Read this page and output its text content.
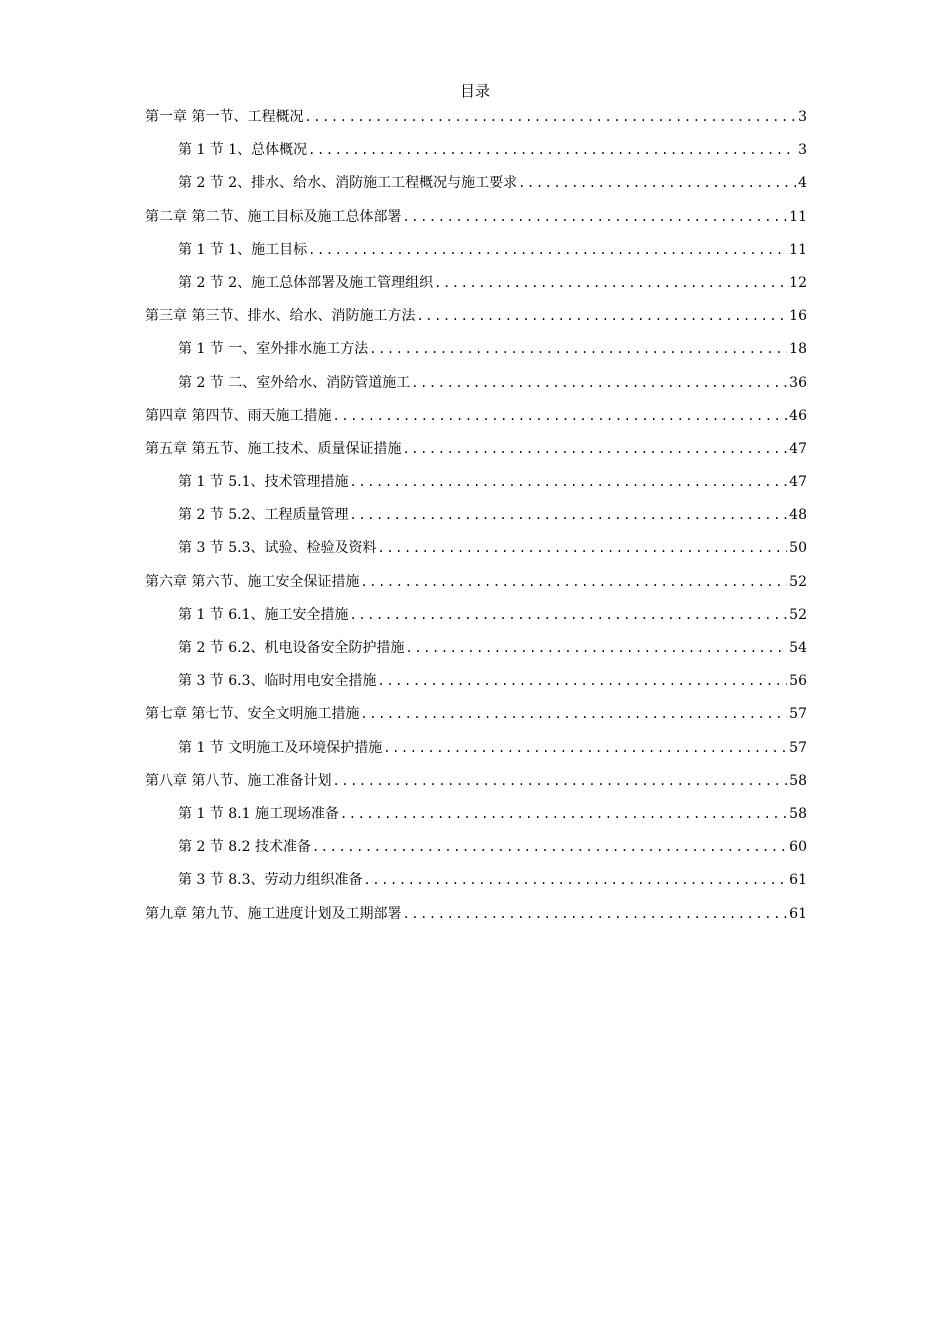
目录
第一章 第一节、工程概况 .....	3
第 1 节 1、总体概况 .....	3
第 2 节 2、排水、给水、消防施工工程概况与施工要求 .....	4
第二章 第二节、施工目标及施工总体部署 .....	11
第 1 节 1、施工目标 .....	11
第 2 节 2、施工总体部署及施工管理组织 .....	12
第三章 第三节、排水、给水、消防施工方法 .....	16
第 1 节 一、室外排水施工方法 .....	18
第 2 节 二、室外给水、消防管道施工 .....	36
第四章 第四节、雨天施工措施 .....	46
第五章 第五节、施工技术、质量保证措施 .....	47
第 1 节 5.1、技术管理措施 .....	47
第 2 节 5.2、工程质量管理 .....	48
第 3 节 5.3、试验、检验及资料 .....	50
第六章 第六节、施工安全保证措施 .....	52
第 1 节 6.1、施工安全措施 .....	52
第 2 节 6.2、机电设备安全防护措施 .....	54
第 3 节 6.3、临时用电安全措施 .....	56
第七章 第七节、安全文明施工措施 .....	57
第 1 节 文明施工及环境保护措施 .....	57
第八章 第八节、施工准备计划 .....	58
第 1 节 8.1 施工现场准备 .....	58
第 2 节 8.2 技术准备 .....	60
第 3 节 8.3、劳动力组织准备 .....	61
第九章 第九节、施工进度计划及工期部署 .....	61
